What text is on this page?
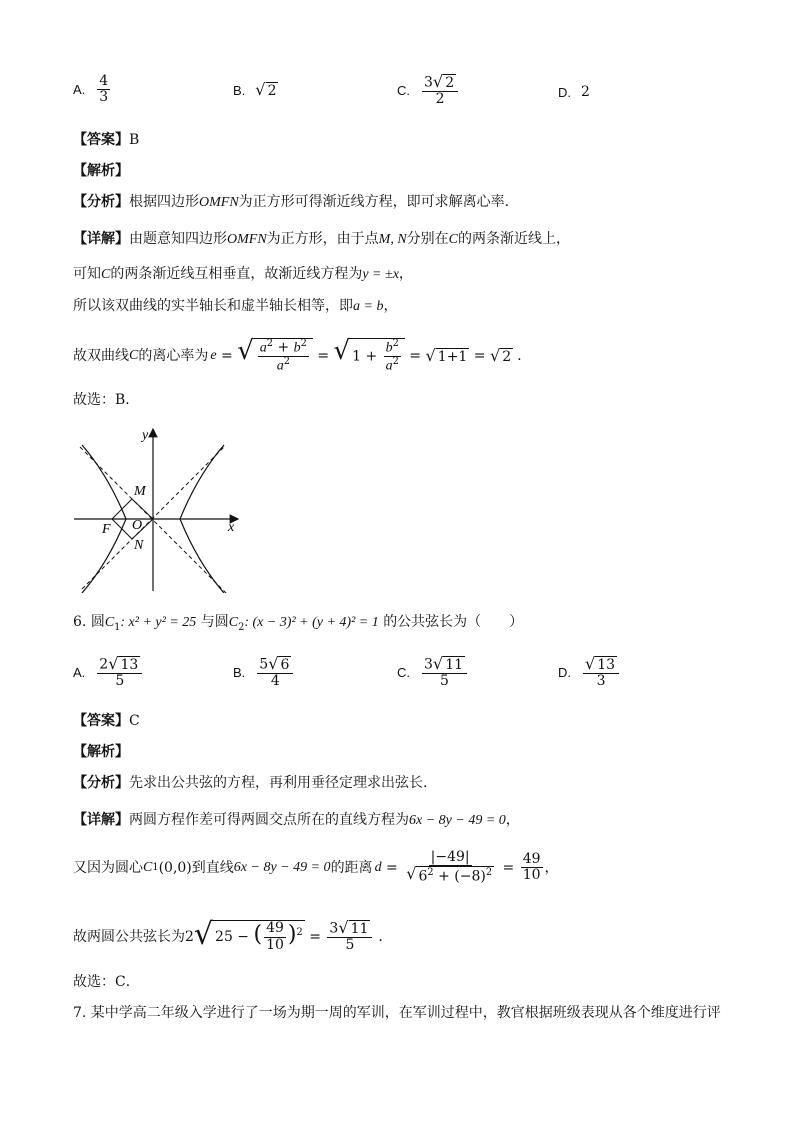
A. $\frac{4}{3}$	B. √ 2	C. $\frac{3 √ 2}{2}$	D. 2
【答案】B
【解析】
【分析】根据四边形OMFN为正方形可得渐近线方程，即可求解离心率.
【详解】由题意知四边形OMFN为正方形，由于点M, N分别在C的两条渐近线上，
可知C的两条渐近线互相垂直，故渐近线方程为y = ±x，
所以该双曲线的实半轴长和虚半轴长相等，即a = b，
故双曲线 C 的离心率为 e = √ $\frac{a^2 + b^2}{a^2}$ = √ $1 + \frac{b^2}{a^2}$ = √ 1+1 = √ 2 .
故选：B．
M
F O
N
y
x
6. 圆$C_1$: x² + y² = 25 与圆$C_2$: (x − 3)² + (y + 4)² = 1 的公共弦长为（　　）
A. $\frac{2 √ 13}{5}$	B. $\frac{5 √ 6}{4}$	C. $\frac{3 √ 11}{5}$	D. $\frac{√ 13}{3}$
【答案】C
【解析】
【分析】先求出公共弦的方程，再利用垂径定理求出弦长.
【详解】两圆方程作差可得两圆交点所在的直线方程为6x − 8y − 49 = 0，
又因为圆心 C 1 (0,0) 到直线 6x − 8y − 49 = 0 的距离 $d = \frac{|-49|}{√ 6^2 + (-8)^2} = \frac{49}{10}$ ，
故两圆公共弦长为 2 √ 25 − ( $\frac{49}{10} )^2 = \frac{3 √ 11}{5}$ .
故选：C．
7. 某中学高二年级入学进行了一场为期一周的军训，在军训过程中，教官根据班级表现从各个维度进行评
